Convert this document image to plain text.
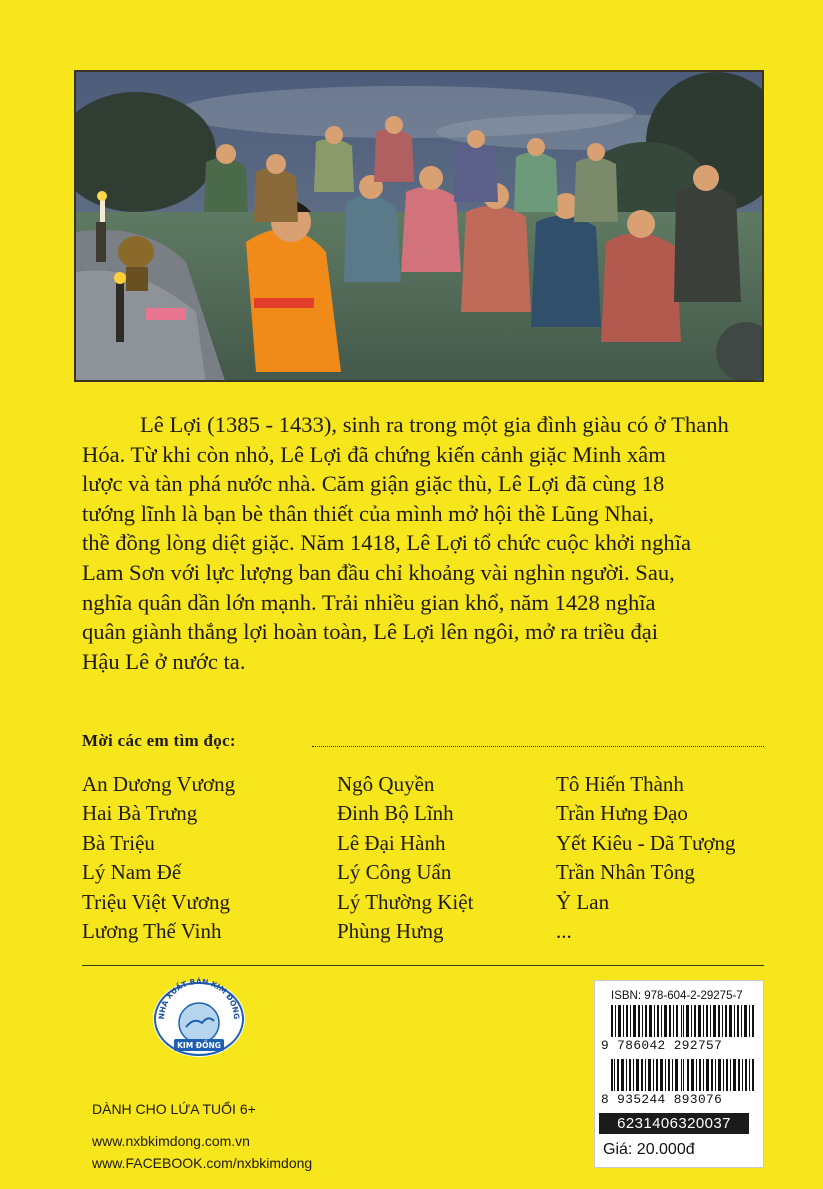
Lê Lợi (1385 - 1433), sinh ra trong một gia đình giàu có ở Thanh

Hóa. Từ khi còn nhỏ, Lê Lợi đã chứng kiến cảnh giặc Minh xâm
lược và tàn phá nước nhà. Căm giận giặc thù, Lê Lợi đã cùng 18
tướng lĩnh là bạn bè thân thiết của mình mở hội thề Lũng Nhai,
thề đồng lòng diệt giặc. Năm 1418, Lê Lợi tổ chức cuộc khởi nghĩa
Lam Sơn với lực lượng ban đầu chỉ khoảng vài nghìn người. Sau,
nghĩa quân dần lớn mạnh. Trải nhiều gian khổ, năm 1428 nghĩa
quân giành thắng lợi hoàn toàn, Lê Lợi lên ngôi, mở ra triều đại
Hậu Lê ở nước ta.
Mời các em tìm đọc:
An Dương Vương
Hai Bà Trưng
Bà Triệu
Lý Nam Đế
Triệu Việt Vương
Lương Thế Vinh
Ngô Quyền
Đinh Bộ Lĩnh
Lê Đại Hành
Lý Công Uẩn
Lý Thường Kiệt
Phùng Hưng
Tô Hiến Thành
Trần Hưng Đạo
Yết Kiêu - Dã Tượng
Trần Nhân Tông
Ỷ Lan
...
NHÀ XUẤT BẢN KIM ĐỒNG
KIM ĐỒNG
DÀNH CHO LỨA TUỔI 6+
www.nxbkimdong.com.vn
www.FACEBOOK.com/nxbkimdong
ISBN: 978-604-2-29275-7
9 786042 292757
8 935244 893076
6231406320037
Giá: 20.000đ
